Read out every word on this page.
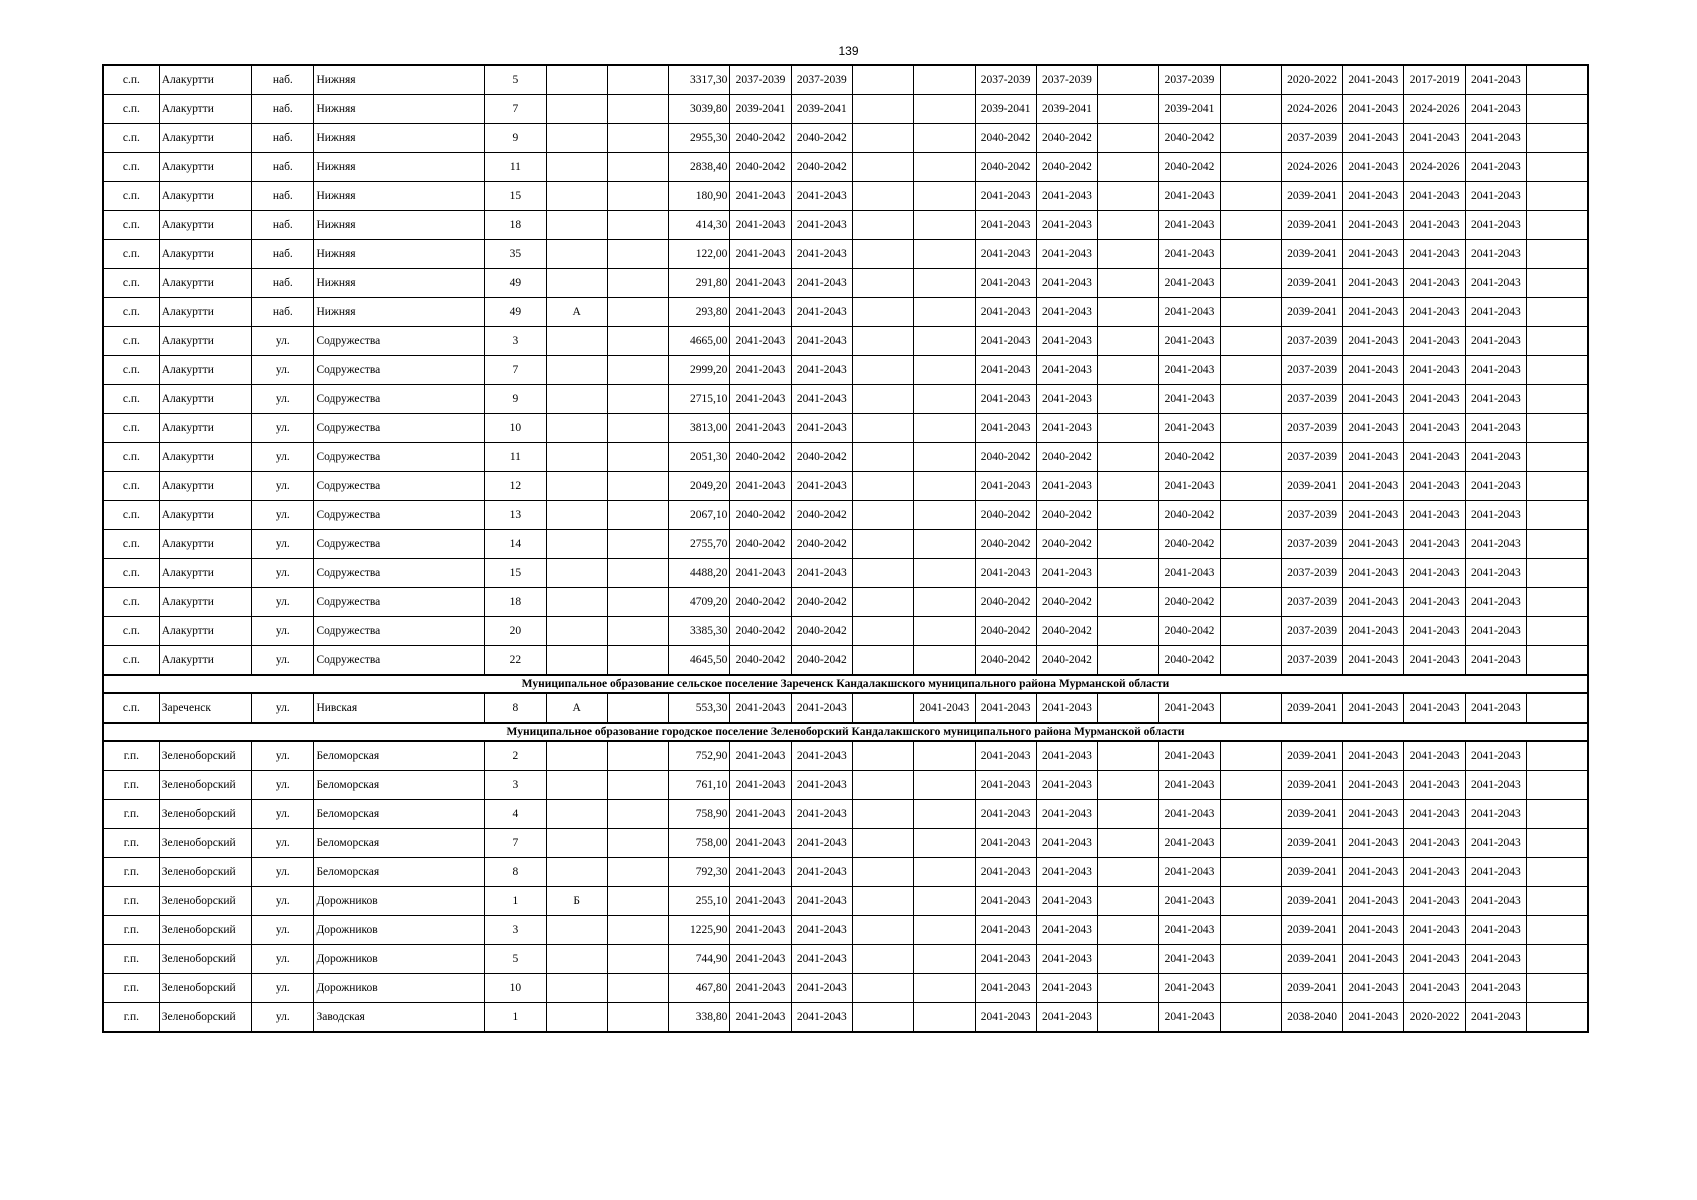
139
с.п.	Алакуртти	наб.	Нижняя	5			3317,30	2037-2039	2037-2039			2037-2039	2037-2039		2037-2039		2020-2022	2041-2043	2017-2019	2041-2043	
с.п.	Алакуртти	наб.	Нижняя	7			3039,80	2039-2041	2039-2041			2039-2041	2039-2041		2039-2041		2024-2026	2041-2043	2024-2026	2041-2043	
с.п.	Алакуртти	наб.	Нижняя	9			2955,30	2040-2042	2040-2042			2040-2042	2040-2042		2040-2042		2037-2039	2041-2043	2041-2043	2041-2043	
с.п.	Алакуртти	наб.	Нижняя	11			2838,40	2040-2042	2040-2042			2040-2042	2040-2042		2040-2042		2024-2026	2041-2043	2024-2026	2041-2043	
с.п.	Алакуртти	наб.	Нижняя	15			180,90	2041-2043	2041-2043			2041-2043	2041-2043		2041-2043		2039-2041	2041-2043	2041-2043	2041-2043	
с.п.	Алакуртти	наб.	Нижняя	18			414,30	2041-2043	2041-2043			2041-2043	2041-2043		2041-2043		2039-2041	2041-2043	2041-2043	2041-2043	
с.п.	Алакуртти	наб.	Нижняя	35			122,00	2041-2043	2041-2043			2041-2043	2041-2043		2041-2043		2039-2041	2041-2043	2041-2043	2041-2043	
с.п.	Алакуртти	наб.	Нижняя	49			291,80	2041-2043	2041-2043			2041-2043	2041-2043		2041-2043		2039-2041	2041-2043	2041-2043	2041-2043	
с.п.	Алакуртти	наб.	Нижняя	49	А		293,80	2041-2043	2041-2043			2041-2043	2041-2043		2041-2043		2039-2041	2041-2043	2041-2043	2041-2043	
с.п.	Алакуртти	ул.	Содружества	3			4665,00	2041-2043	2041-2043			2041-2043	2041-2043		2041-2043		2037-2039	2041-2043	2041-2043	2041-2043	
с.п.	Алакуртти	ул.	Содружества	7			2999,20	2041-2043	2041-2043			2041-2043	2041-2043		2041-2043		2037-2039	2041-2043	2041-2043	2041-2043	
с.п.	Алакуртти	ул.	Содружества	9			2715,10	2041-2043	2041-2043			2041-2043	2041-2043		2041-2043		2037-2039	2041-2043	2041-2043	2041-2043	
с.п.	Алакуртти	ул.	Содружества	10			3813,00	2041-2043	2041-2043			2041-2043	2041-2043		2041-2043		2037-2039	2041-2043	2041-2043	2041-2043	
с.п.	Алакуртти	ул.	Содружества	11			2051,30	2040-2042	2040-2042			2040-2042	2040-2042		2040-2042		2037-2039	2041-2043	2041-2043	2041-2043	
с.п.	Алакуртти	ул.	Содружества	12			2049,20	2041-2043	2041-2043			2041-2043	2041-2043		2041-2043		2039-2041	2041-2043	2041-2043	2041-2043	
с.п.	Алакуртти	ул.	Содружества	13			2067,10	2040-2042	2040-2042			2040-2042	2040-2042		2040-2042		2037-2039	2041-2043	2041-2043	2041-2043	
с.п.	Алакуртти	ул.	Содружества	14			2755,70	2040-2042	2040-2042			2040-2042	2040-2042		2040-2042		2037-2039	2041-2043	2041-2043	2041-2043	
с.п.	Алакуртти	ул.	Содружества	15			4488,20	2041-2043	2041-2043			2041-2043	2041-2043		2041-2043		2037-2039	2041-2043	2041-2043	2041-2043	
с.п.	Алакуртти	ул.	Содружества	18			4709,20	2040-2042	2040-2042			2040-2042	2040-2042		2040-2042		2037-2039	2041-2043	2041-2043	2041-2043	
с.п.	Алакуртти	ул.	Содружества	20			3385,30	2040-2042	2040-2042			2040-2042	2040-2042		2040-2042		2037-2039	2041-2043	2041-2043	2041-2043	
с.п.	Алакуртти	ул.	Содружества	22			4645,50	2040-2042	2040-2042			2040-2042	2040-2042		2040-2042		2037-2039	2041-2043	2041-2043	2041-2043	
Муниципальное образование сельское поселение Зареченск Кандалакшского муниципального района Мурманской области																					
с.п.	Зареченск	ул.	Нивская	8	А		553,30	2041-2043	2041-2043		2041-2043	2041-2043	2041-2043		2041-2043		2039-2041	2041-2043	2041-2043	2041-2043	
Муниципальное образование городское поселение Зеленоборский Кандалакшского муниципального района Мурманской области																					
г.п.	Зеленоборский	ул.	Беломорская	2			752,90	2041-2043	2041-2043			2041-2043	2041-2043		2041-2043		2039-2041	2041-2043	2041-2043	2041-2043	
г.п.	Зеленоборский	ул.	Беломорская	3			761,10	2041-2043	2041-2043			2041-2043	2041-2043		2041-2043		2039-2041	2041-2043	2041-2043	2041-2043	
г.п.	Зеленоборский	ул.	Беломорская	4			758,90	2041-2043	2041-2043			2041-2043	2041-2043		2041-2043		2039-2041	2041-2043	2041-2043	2041-2043	
г.п.	Зеленоборский	ул.	Беломорская	7			758,00	2041-2043	2041-2043			2041-2043	2041-2043		2041-2043		2039-2041	2041-2043	2041-2043	2041-2043	
г.п.	Зеленоборский	ул.	Беломорская	8			792,30	2041-2043	2041-2043			2041-2043	2041-2043		2041-2043		2039-2041	2041-2043	2041-2043	2041-2043	
г.п.	Зеленоборский	ул.	Дорожников	1	Б		255,10	2041-2043	2041-2043			2041-2043	2041-2043		2041-2043		2039-2041	2041-2043	2041-2043	2041-2043	
г.п.	Зеленоборский	ул.	Дорожников	3			1225,90	2041-2043	2041-2043			2041-2043	2041-2043		2041-2043		2039-2041	2041-2043	2041-2043	2041-2043	
г.п.	Зеленоборский	ул.	Дорожников	5			744,90	2041-2043	2041-2043			2041-2043	2041-2043		2041-2043		2039-2041	2041-2043	2041-2043	2041-2043	
г.п.	Зеленоборский	ул.	Дорожников	10			467,80	2041-2043	2041-2043			2041-2043	2041-2043		2041-2043		2039-2041	2041-2043	2041-2043	2041-2043	
г.п.	Зеленоборский	ул.	Заводская	1			338,80	2041-2043	2041-2043			2041-2043	2041-2043		2041-2043		2038-2040	2041-2043	2020-2022	2041-2043	
